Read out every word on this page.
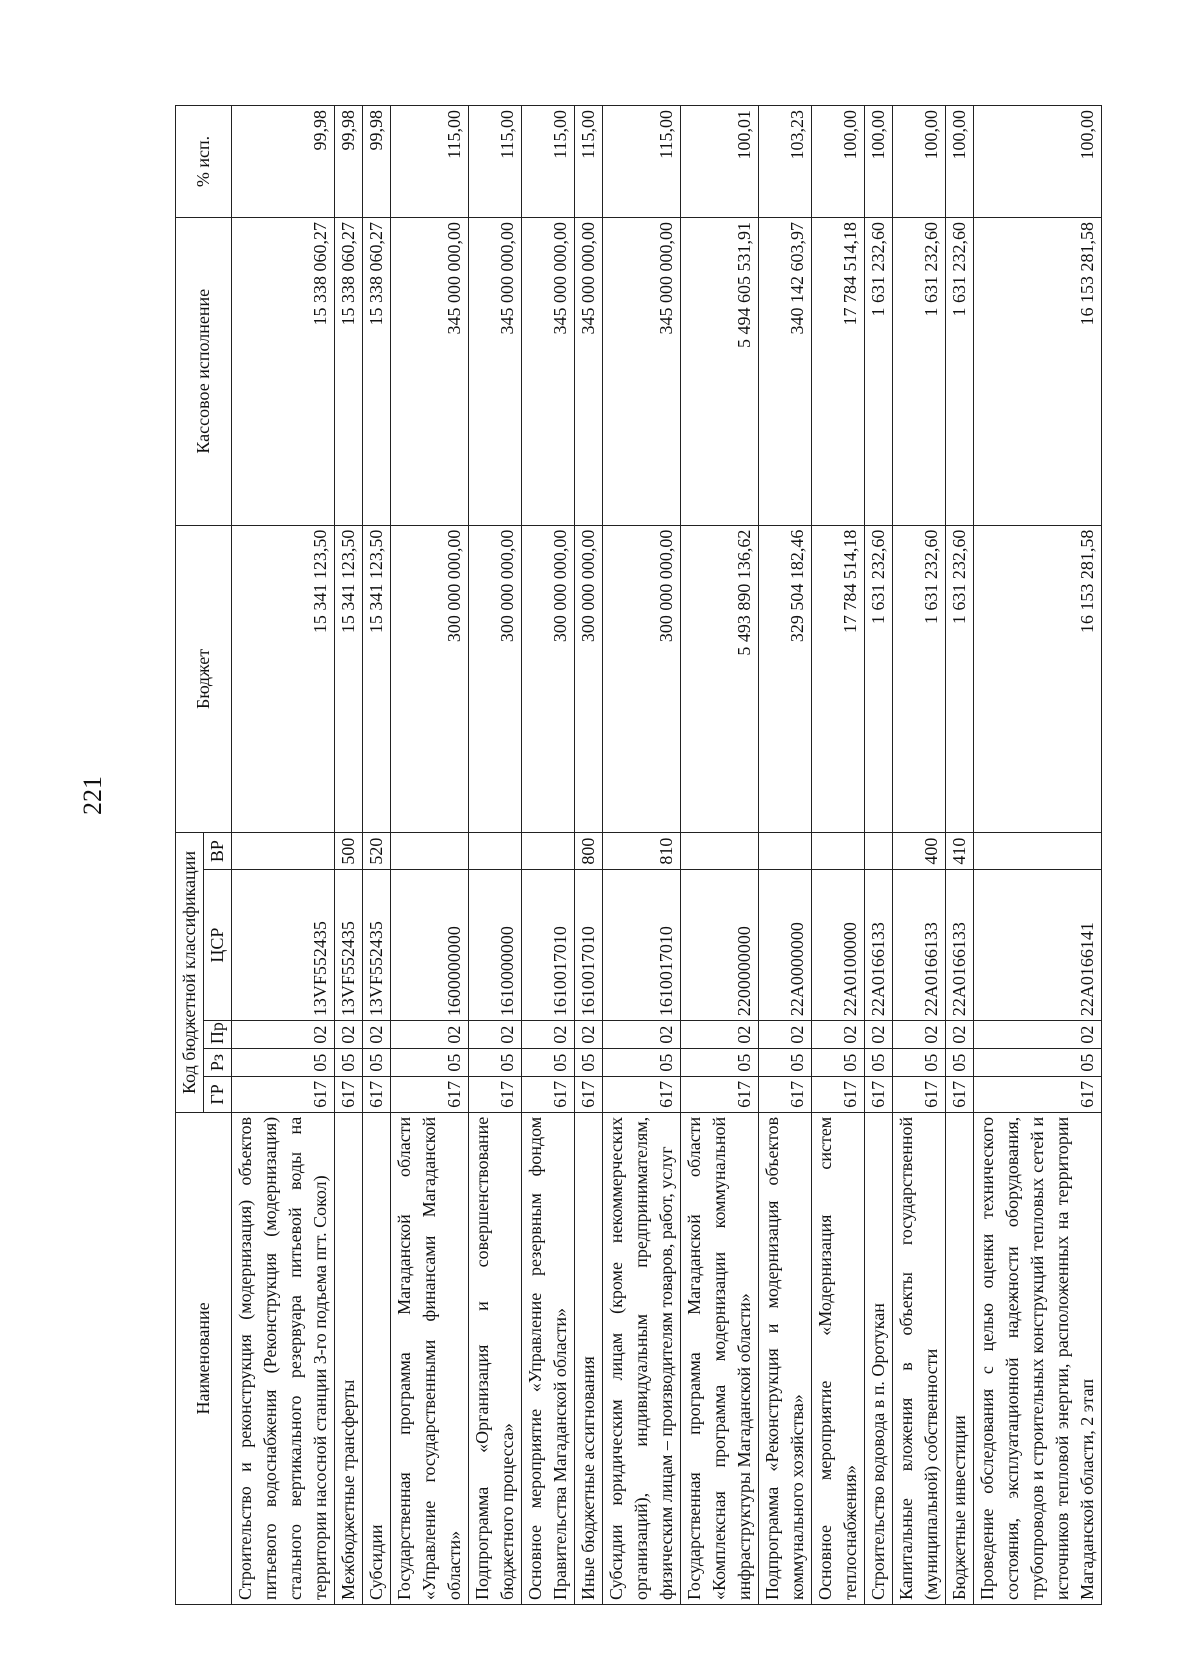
221
Наименование	Код бюджетной классификации					Бюджет	Кассовое исполнение	% исп.
	ГР	Рз	Пр	ЦСР	ВР			
Строительство и реконструкция (модернизация) объектов питьевого водоснабжения (Реконструкция (модернизация) стального вертикального резервуара питьевой воды на территории насосной станции 3-го подъема пгт. Сокол)	617	05	02	13VF552435		15 341 123,50	15 338 060,27	99,98
Межбюджетные трансферты	617	05	02	13VF552435	500	15 341 123,50	15 338 060,27	99,98
Субсидии	617	05	02	13VF552435	520	15 341 123,50	15 338 060,27	99,98
Государственная программа Магаданской области «Управление государственными финансами Магаданской области»	617	05	02	1600000000		300 000 000,00	345 000 000,00	115,00
Подпрограмма «Организация и совершенствование бюджетного процесса»	617	05	02	1610000000		300 000 000,00	345 000 000,00	115,00
Основное мероприятие «Управление резервным фондом Правительства Магаданской области»	617	05	02	1610017010		300 000 000,00	345 000 000,00	115,00
Иные бюджетные ассигнования	617	05	02	1610017010	800	300 000 000,00	345 000 000,00	115,00
Субсидии юридическим лицам (кроме некоммерческих организаций), индивидуальным предпринимателям, физическим лицам – производителям товаров, работ, услуг	617	05	02	1610017010	810	300 000 000,00	345 000 000,00	115,00
Государственная программа Магаданской области «Комплексная программа модернизации коммунальной инфраструктуры Магаданской области»	617	05	02	2200000000		5 493 890 136,62	5 494 605 531,91	100,01
Подпрограмма «Реконструкция и модернизация объектов коммунального хозяйства»	617	05	02	22А0000000		329 504 182,46	340 142 603,97	103,23
Основное мероприятие «Модернизация систем теплоснабжения»	617	05	02	22А0100000		17 784 514,18	17 784 514,18	100,00
Строительство водовода в п. Оротукан	617	05	02	22А0166133		1 631 232,60	1 631 232,60	100,00
Капитальные вложения в объекты государственной (муниципальной) собственности	617	05	02	22А0166133	400	1 631 232,60	1 631 232,60	100,00
Бюджетные инвестиции	617	05	02	22А0166133	410	1 631 232,60	1 631 232,60	100,00
Проведение обследования с целью оценки технического состояния, эксплуатационной надежности оборудования, трубопроводов и строительных конструкций тепловых сетей и источников тепловой энергии, расположенных на территории Магаданской области, 2 этап	617	05	02	22А0166141		16 153 281,58	16 153 281,58	100,00
